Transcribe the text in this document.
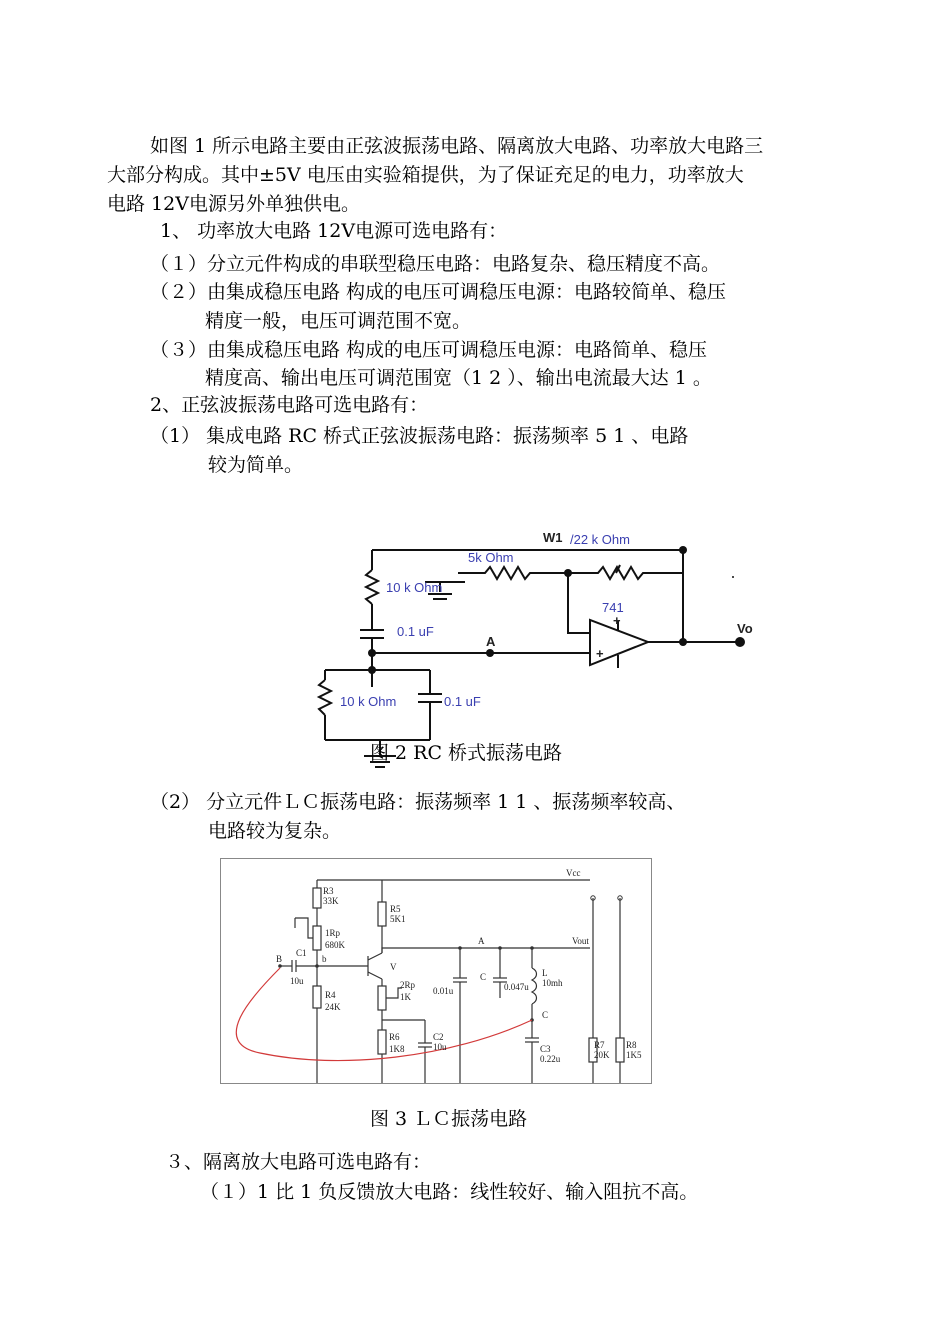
如图 1 所示电路主要由正弦波振荡电路、隔离放大电路、功率放大电路三
大部分构成。其中±5V 电压由实验箱提供，为了保证充足的电力，功率放大
电路 12V电源另外单独供电。
1、 功率放大电路 12V电源可选电路有：
（１）分立元件构成的串联型稳压电路：电路复杂、稳压精度不高。
（２）由集成稳压电路 构成的电压可调稳压电源：电路较简单、稳压
精度一般，电压可调范围不宽。
（３）由集成稳压电路 构成的电压可调稳压电源：电路简单、稳压
精度高、输出电压可调范围宽（1 2 ）、输出电流最大达 1 。
2、正弦波振荡电路可选电路有：
（1） 集成电路 RC 桥式正弦波振荡电路：振荡频率 5 1 、电路
较为简单。
W1 /22 k Ohm
5k Ohm
10 k Ohm
0.1 uF
A
741
+
+
Vo
10 k Ohm	0.1 uF
图 2 RC 桥式振荡电路
（2） 分立元件ＬＣ振荡电路：振荡频率 1 1 、振荡频率较高、
电路较为复杂。
Vcc
R3
33K
R5
5K1
1Rp
680K
b
B
C1
10u
V
A	Vout
C
0.01u	0.047u
L
10mh
C
2Rp
1K
R4
24K
R6
1K8
C2
10u	C3
0.22u
R7
20K
R8
1K5
图 3 ＬＣ振荡电路
３、隔离放大电路可选电路有：
（１）1 比 1 负反馈放大电路：线性较好、输入阻抗不高。
